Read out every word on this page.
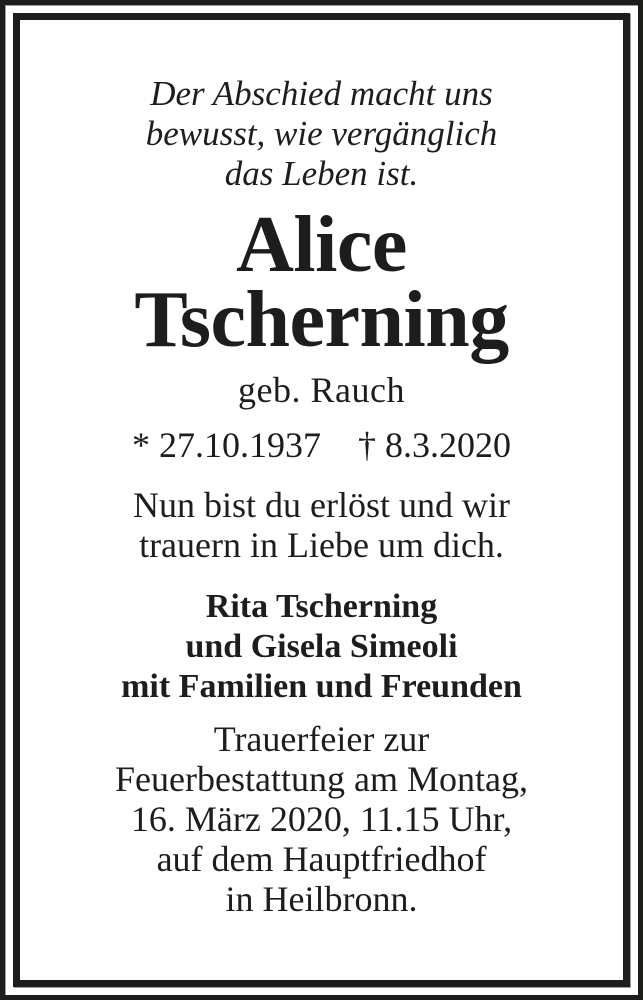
Der Abschied macht uns
bewusst, wie vergänglich
das Leben ist.
Alice
Tscherning
geb. Rauch
* 27.10.1937 † 8.3.2020
Nun bist du erlöst und wir
trauern in Liebe um dich.
Rita Tscherning
und Gisela Simeoli
mit Familien und Freunden
Trauerfeier zur
Feuerbestattung am Montag,
16. März 2020, 11.15 Uhr,
auf dem Hauptfriedhof
in Heilbronn.
